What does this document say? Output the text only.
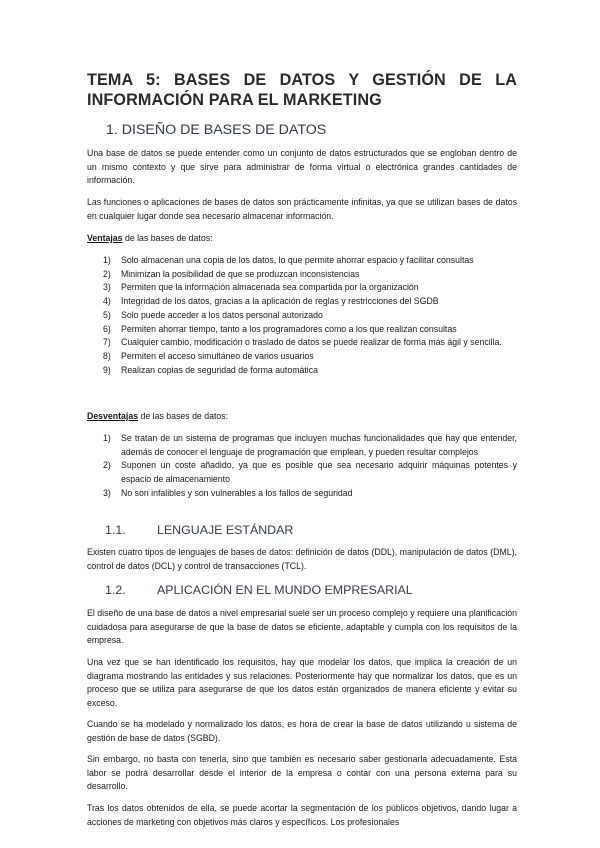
TEMA 5: BASES DE DATOS Y GESTIÓN DE LA INFORMACIÓN PARA EL MARKETING
1. DISEÑO DE BASES DE DATOS

Una base de datos se puede entender como un conjunto de datos estructurados que se engloban dentro de un mismo contexto y que sirve para administrar de forma virtual o electrónica grandes cantidades de información.

Las funciones o aplicaciones de bases de datos son prácticamente infinitas, ya que se utilizan bases de datos en cualquier lugar donde sea necesario almacenar información.

Ventajas de las bases de datos:
1)	Solo almacenan una copia de los datos, lo que permite ahorrar espacio y facilitar consultas
2)	Minimizan la posibilidad de que se produzcan inconsistencias
3)	Permiten que la información almacenada sea compartida por la organización
4)	Integridad de los datos, gracias a la aplicación de reglas y restricciones del SGDB
5)	Solo puede acceder a los datos personal autorizado
6)	Permiten ahorrar tiempo, tanto a los programadores como a los que realizan consultas
7)	Cualquier cambio, modificación o traslado de datos se puede realizar de forma más ágil y sencilla.
8)	Permiten el acceso simultáneo de varios usuarios
9)	Realizan copias de seguridad de forma automática
Desventajas de las bases de datos:
1)	Se tratan de un sistema de programas que incluyen muchas funcionalidades que hay que entender, además de conocer el lenguaje de programación que emplean, y pueden resultar complejos
2)	Suponen un coste añadido, ya que es posible que sea necesario adquirir máquinas potentes y espacio de almacenamiento
3)	No son infalibles y son vulnerables a los fallos de seguridad
1.1.	LENGUAJE ESTÁNDAR

Existen cuatro tipos de lenguajes de bases de datos: definición de datos (DDL), manipulación de datos (DML), control de datos (DCL) y control de transacciones (TCL).

1.2.	APLICACIÓN EN EL MUNDO EMPRESARIAL

El diseño de una base de datos a nivel empresarial suele ser un proceso complejo y requiere una planificación cuidadosa para asegurarse de que la base de datos se eficiente, adaptable y cumpla con los requisitos de la empresa.

Una vez que se han identificado los requisitos, hay que modelar los datos, que implica la creación de un diagrama mostrando las entidades y sus relaciones. Posteriormente hay que normalizar los datos, que es un proceso que se utiliza para asegurarse de que los datos están organizados de manera eficiente y evitar su exceso.

Cuando se ha modelado y normalizado los datos, es hora de crear la base de datos utilizando u sistema de gestión de base de datos (SGBD).

Sin embargo, no basta con tenerla, sino que también es necesario saber gestionarla adecuadamente. Esta labor se podrá desarrollar desde el interior de la empresa o contar con una persona externa para su desarrollo.

Tras los datos obtenidos de ella, se puede acortar la segmentación de los públicos objetivos, dando lugar a acciones de marketing con objetivos más claros y específicos. Los profesionales
